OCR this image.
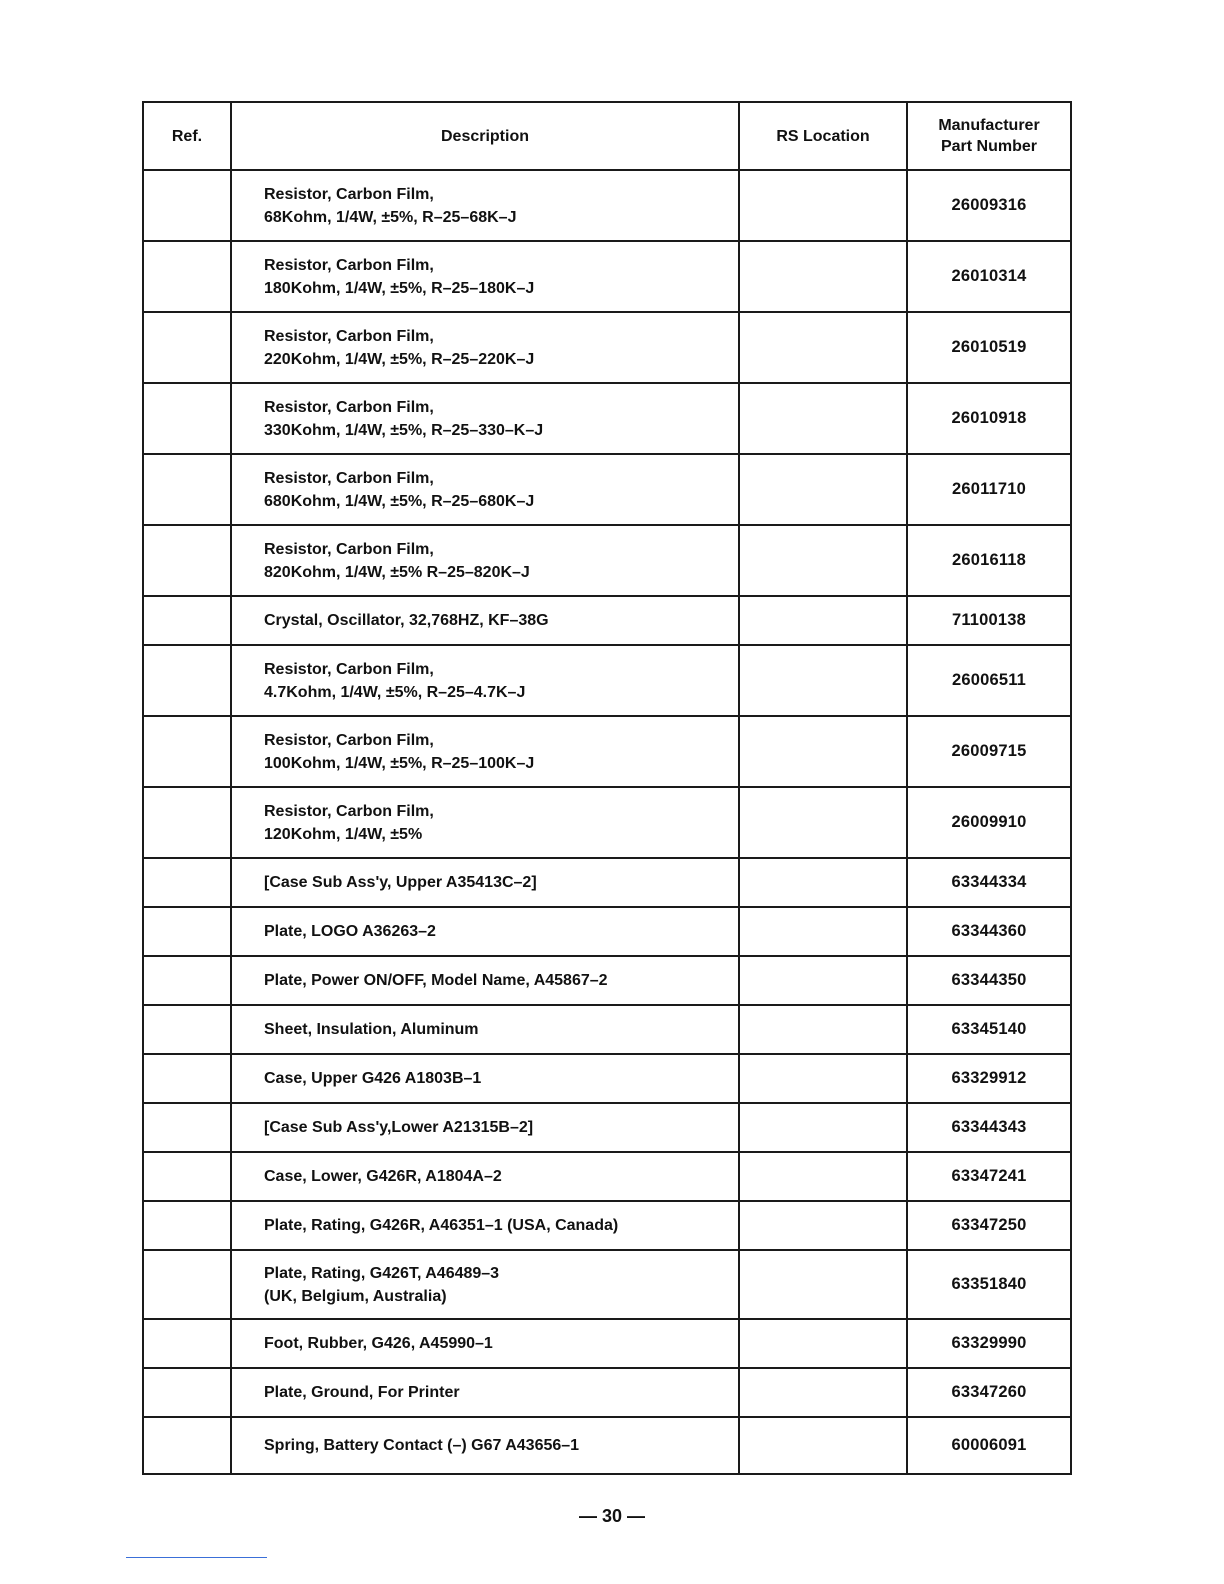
Ref.	Description	RS Location	Manufacturer
Part Number
	Resistor, Carbon Film,
68Kohm, 1/4W, ±5%, R–25–68K–J		26009316
	Resistor, Carbon Film,
180Kohm, 1/4W, ±5%, R–25–180K–J		26010314
	Resistor, Carbon Film,
220Kohm, 1/4W, ±5%, R–25–220K–J		26010519
	Resistor, Carbon Film,
330Kohm, 1/4W, ±5%, R–25–330–K–J		26010918
	Resistor, Carbon Film,
680Kohm, 1/4W, ±5%, R–25–680K–J		26011710
	Resistor, Carbon Film,
820Kohm, 1/4W, ±5% R–25–820K–J		26016118
	Crystal, Oscillator, 32,768HZ, KF–38G		71100138
	Resistor, Carbon Film,
4.7Kohm, 1/4W, ±5%, R–25–4.7K–J		26006511
	Resistor, Carbon Film,
100Kohm, 1/4W, ±5%, R–25–100K–J		26009715
	Resistor, Carbon Film,
120Kohm, 1/4W, ±5%		26009910
	[Case Sub Ass'y, Upper A35413C–2]		63344334
	Plate, LOGO A36263–2		63344360
	Plate, Power ON/OFF, Model Name, A45867–2		63344350
	Sheet, Insulation, Aluminum		63345140
	Case, Upper G426 A1803B–1		63329912
	[Case Sub Ass'y,Lower A21315B–2]		63344343
	Case, Lower, G426R, A1804A–2		63347241
	Plate, Rating, G426R, A46351–1 (USA, Canada)		63347250
	Plate, Rating, G426T, A46489–3
(UK, Belgium, Australia)		63351840
	Foot, Rubber, G426, A45990–1		63329990
	Plate, Ground, For Printer		63347260
	Spring, Battery Contact (–) G67 A43656–1		60006091
— 30 —
